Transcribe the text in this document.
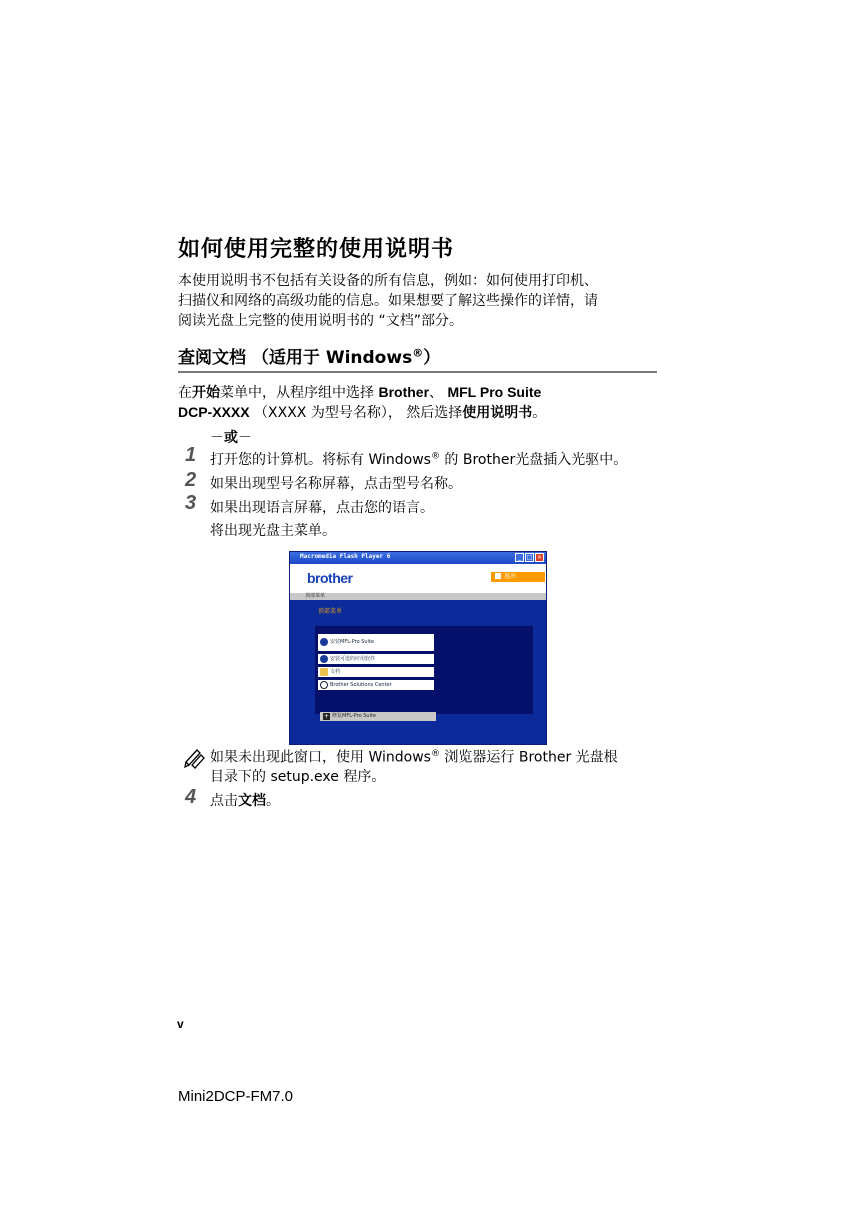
如何使用完整的使用说明书
本使用说明书不包括有关设备的所有信息，例如：如何使用打印机、
扫描仪和网络的高级功能的信息。如果想要了解这些操作的详情，请
阅读光盘上完整的使用说明书的 “文档”部分。
查阅文档 （适用于 Windows®）
在开始菜单中，从程序组中选择 Brother、 MFL Pro Suite
DCP-XXXX （XXXX 为型号名称）， 然后选择使用说明书。
－或－
1 打开您的计算机。将标有 Windows® 的 Brother光盘插入光驱中。
2 如果出现型号名称屏幕，点击型号名称。
3 如果出现语言屏幕，点击您的语言。
将出现光盘主菜单。
Macromedia Flash Player 6	_ □ ×
brother	退出
顶部菜单
顶部菜单
安装MFL-Pro Suite
安装可选的应用软件
文档
Brother Solutions Center
+ 修复MFL-Pro Suite
如果未出现此窗口，使用 Windows® 浏览器运行 Brother 光盘根
目录下的 setup.exe 程序。
4 点击文档。
v
Mini2DCP-FM7.0
